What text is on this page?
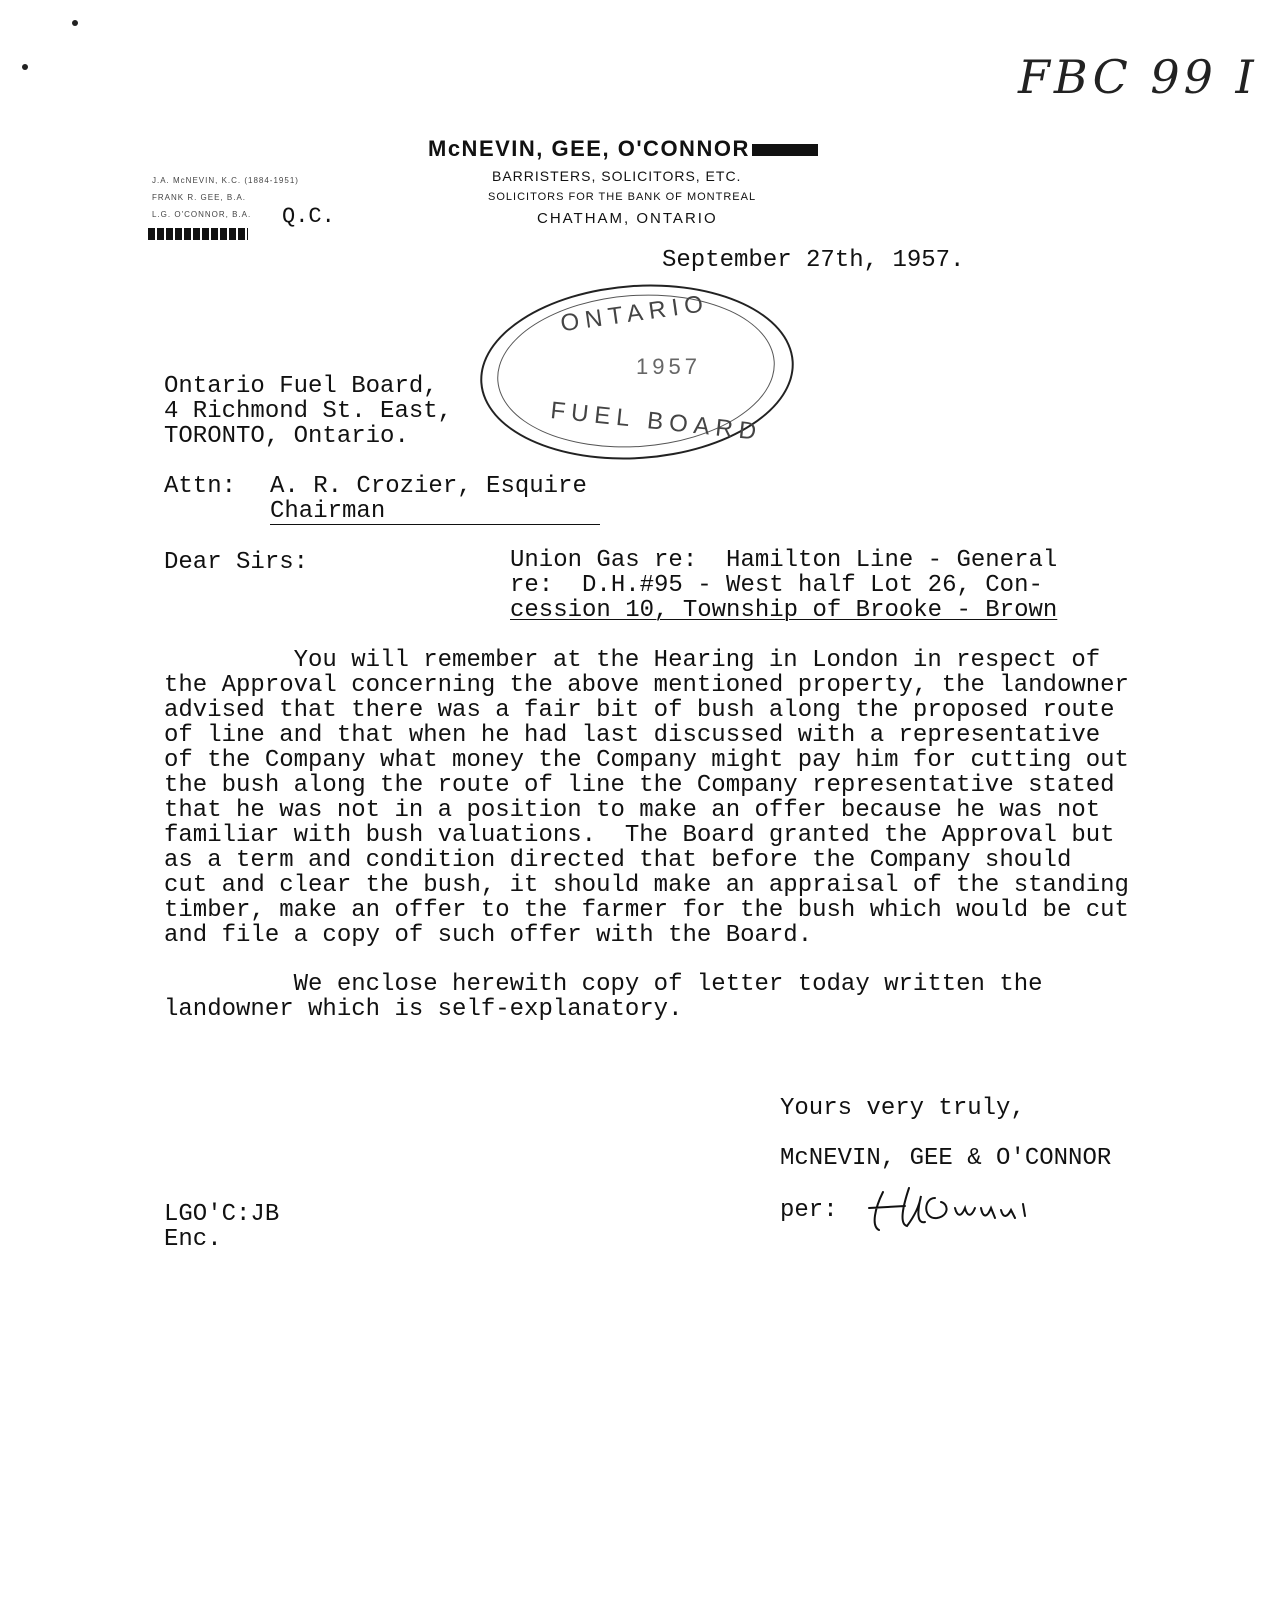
FBC 99 I
McNEVIN, GEE, O'CONNOR
BARRISTERS, SOLICITORS, ETC.
SOLICITORS FOR THE BANK OF MONTREAL
CHATHAM, ONTARIO
J.A. McNEVIN, K.C. (1884-1951)
FRANK R. GEE, B.A.
L.G. O'CONNOR, B.A. Q.C.
September 27th, 1957.
ONTARIO
1957
FUEL BOARD
Ontario Fuel Board,
4 Richmond St. East,
TORONTO, Ontario.
Attn: A. R. Crozier, Esquire
Chairman
Dear Sirs:	Union Gas re:  Hamilton Line - General
re:  D.H.#95 - West half Lot 26, Con-
cession 10, Township of Brooke - Brown
You will remember at the Hearing in London in respect of
the Approval concerning the above mentioned property, the landowner
advised that there was a fair bit of bush along the proposed route
of line and that when he had last discussed with a representative
of the Company what money the Company might pay him for cutting out
the bush along the route of line the Company representative stated
that he was not in a position to make an offer because he was not
familiar with bush valuations.  The Board granted the Approval but
as a term and condition directed that before the Company should
cut and clear the bush, it should make an appraisal of the standing
timber, make an offer to the farmer for the bush which would be cut
and file a copy of such offer with the Board.
We enclose herewith copy of letter today written the
landowner which is self-explanatory.
Yours very truly,
McNEVIN, GEE & O'CONNOR
per:
LGO'C:JB
Enc.
